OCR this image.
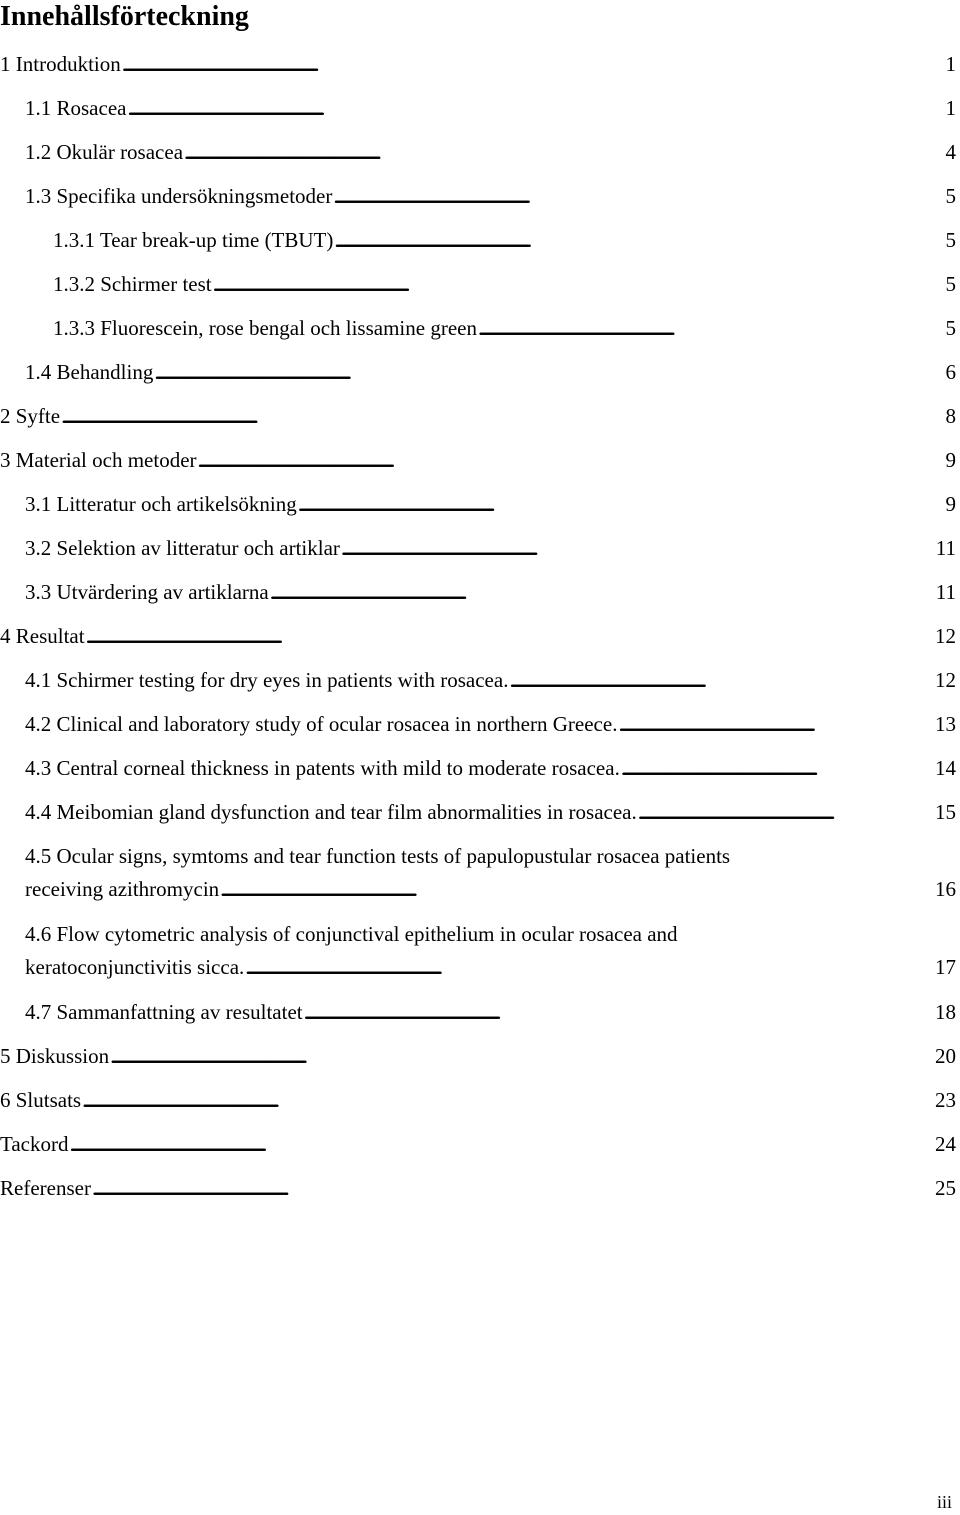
Innehållsförteckning
1 Introduktion . . .	1
1.1 Rosacea . . .	1
1.2 Okulär rosacea . . .	4
1.3 Specifika undersökningsmetoder . . .	5
1.3.1 Tear break-up time (TBUT) . . .	5
1.3.2 Schirmer test . . .	5
1.3.3 Fluorescein, rose bengal och lissamine green . . .	5
1.4 Behandling . . .	6
2 Syfte . . .	8
3 Material och metoder . . .	9
3.1 Litteratur och artikelsökning . . .	9
3.2 Selektion av litteratur och artiklar . . .	11
3.3 Utvärdering av artiklarna . . .	11
4 Resultat . . .	12
4.1 Schirmer testing for dry eyes in patients with rosacea. . . .	12
4.2 Clinical and laboratory study of ocular rosacea in northern Greece. . . .	13
4.3 Central corneal thickness in patents with mild to moderate rosacea. . . .	14
4.4 Meibomian gland dysfunction and tear film abnormalities in rosacea. . . .	15
4.5 Ocular signs, symtoms and tear function tests of papulopustular rosacea patients
receiving azithromycin . . .	16
4.6 Flow cytometric analysis of conjunctival epithelium in ocular rosacea and
keratoconjunctivitis sicca. . . .	17
4.7 Sammanfattning av resultatet . . .	18
5 Diskussion . . .	20
6 Slutsats . . .	23
Tackord . . .	24
Referenser . . .	25
iii
